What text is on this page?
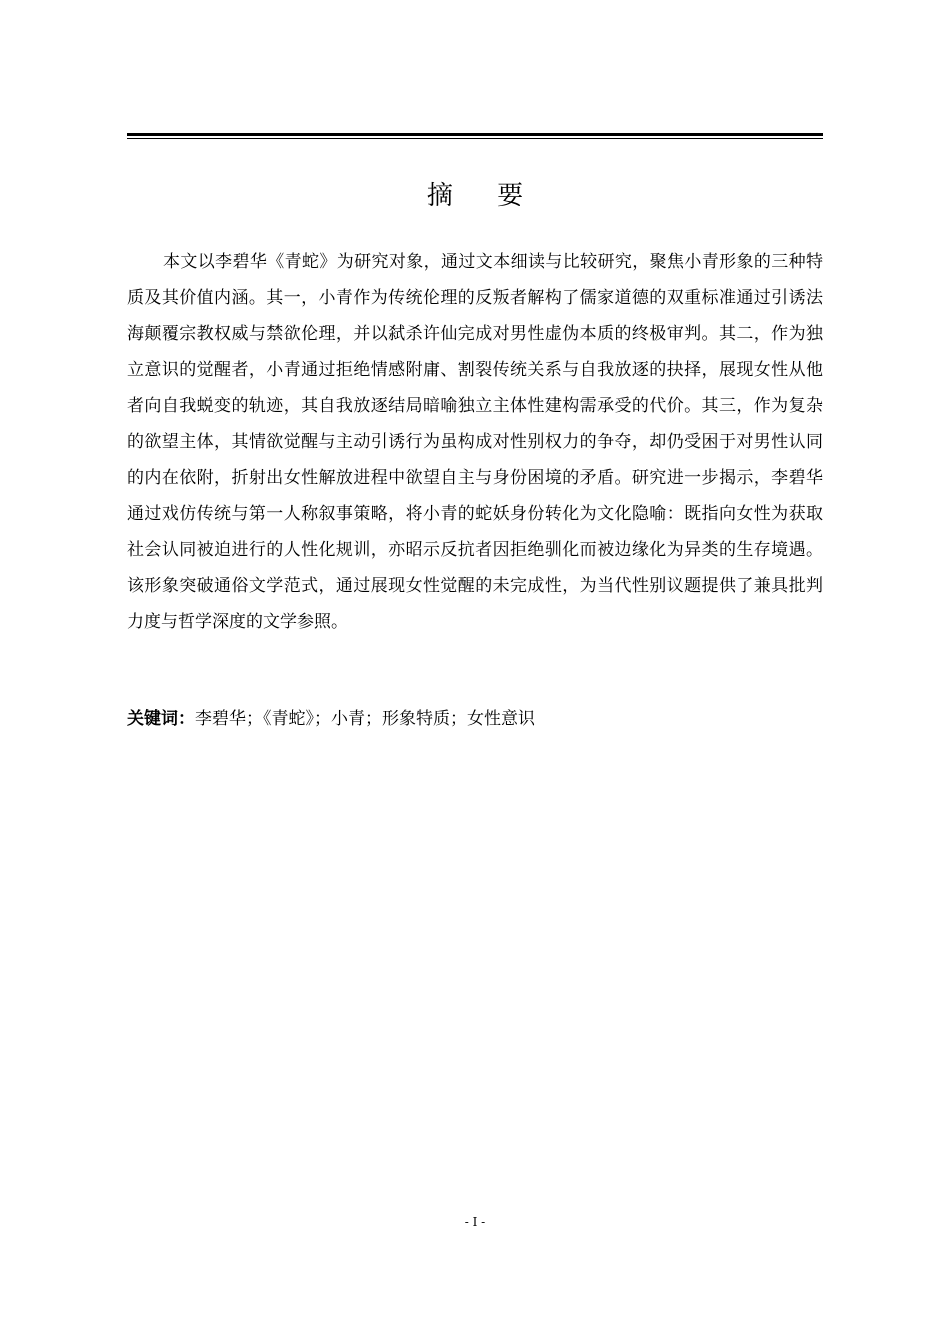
摘 要

本文以李碧华《青蛇》为研究对象，通过文本细读与比较研究，聚焦小青形象的三种特质及其价值内涵。其一，小青作为传统伦理的反叛者解构了儒家道德的双重标准通过引诱法海颠覆宗教权威与禁欲伦理，并以弑杀许仙完成对男性虚伪本质的终极审判。其二，作为独立意识的觉醒者，小青通过拒绝情感附庸、割裂传统关系与自我放逐的抉择，展现女性从他者向自我蜕变的轨迹，其自我放逐结局暗喻独立主体性建构需承受的代价。其三，作为复杂的欲望主体，其情欲觉醒与主动引诱行为虽构成对性别权力的争夺，却仍受困于对男性认同的内在依附，折射出女性解放进程中欲望自主与身份困境的矛盾。研究进一步揭示，李碧华通过戏仿传统与第一人称叙事策略，将小青的蛇妖身份转化为文化隐喻：既指向女性为获取社会认同被迫进行的人性化规训，亦昭示反抗者因拒绝驯化而被边缘化为异类的生存境遇。该形象突破通俗文学范式，通过展现女性觉醒的未完成性，为当代性别议题提供了兼具批判力度与哲学深度的文学参照。

关键词：李碧华；《青蛇》；小青；形象特质；女性意识
- I -
